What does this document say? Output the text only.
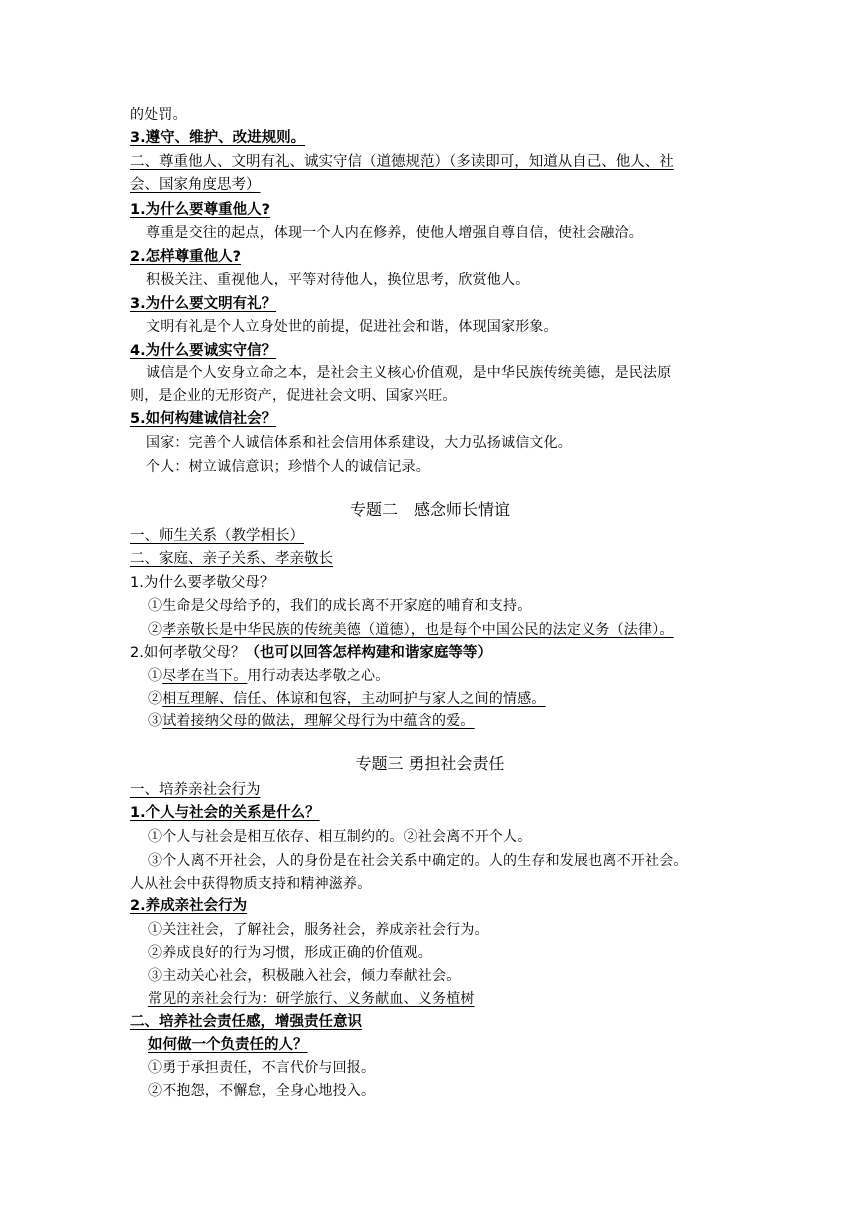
的处罚。
3.遵守、维护、改进规则。
二、尊重他人、文明有礼、诚实守信（道德规范）（多读即可，知道从自己、他人、社
会、国家角度思考）
1.为什么要尊重他人?
尊重是交往的起点，体现一个人内在修养，使他人增强自尊自信，使社会融洽。
2.怎样尊重他人?
积极关注、重视他人，平等对待他人，换位思考，欣赏他人。
3.为什么要文明有礼？
文明有礼是个人立身处世的前提，促进社会和谐，体现国家形象。
4.为什么要诚实守信？
诚信是个人安身立命之本，是社会主义核心价值观，是中华民族传统美德，是民法原
则，是企业的无形资产，促进社会文明、国家兴旺。
5.如何构建诚信社会？
国家：完善个人诚信体系和社会信用体系建设，大力弘扬诚信文化。
个人：树立诚信意识；珍惜个人的诚信记录。
专题二　感念师长情谊
一、师生关系（教学相长）
二、家庭、亲子关系、孝亲敬长
1.为什么要孝敬父母？
①生命是父母给予的，我们的成长离不开家庭的哺育和支持。
②孝亲敬长是中华民族的传统美德（道德），也是每个中国公民的法定义务（法律）。
2.如何孝敬父母？（也可以回答怎样构建和谐家庭等等）
①尽孝在当下。用行动表达孝敬之心。
②相互理解、信任、体谅和包容，主动呵护与家人之间的情感。
③试着接纳父母的做法，理解父母行为中蕴含的爱。
专题三 勇担社会责任
一、培养亲社会行为
1.个人与社会的关系是什么？
①个人与社会是相互依存、相互制约的。②社会离不开个人。
③个人离不开社会，人的身份是在社会关系中确定的。人的生存和发展也离不开社会。
人从社会中获得物质支持和精神滋养。
2.养成亲社会行为
①关注社会，了解社会，服务社会，养成亲社会行为。
②养成良好的行为习惯，形成正确的价值观。
③主动关心社会，积极融入社会，倾力奉献社会。
常见的亲社会行为：研学旅行、义务献血、义务植树
二、培养社会责任感，增强责任意识
如何做一个负责任的人？
①勇于承担责任，不言代价与回报。
②不抱怨，不懈怠，全身心地投入。
